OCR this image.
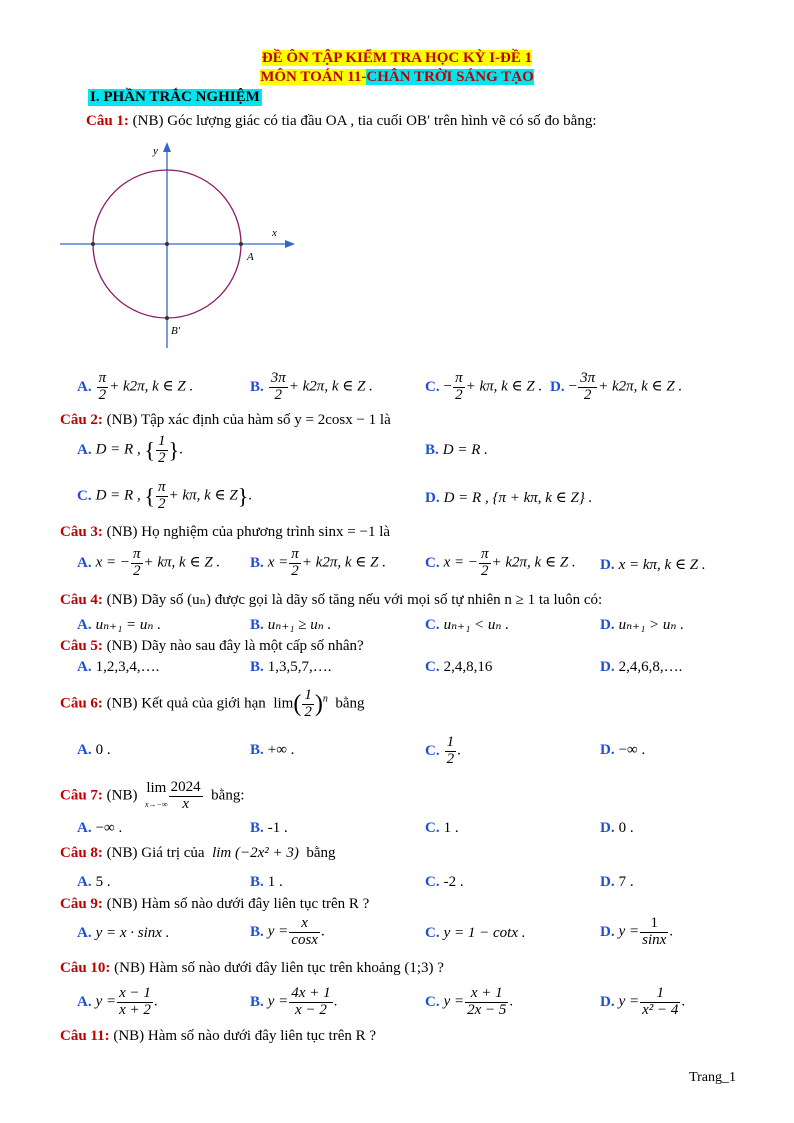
ĐỀ ÔN TẬP KIỂM TRA HỌC KỲ I-ĐỀ 1
MÔN TOÁN 11-CHÂN TRỜI SÁNG TẠO
I. PHẦN TRẮC NGHIỆM
Câu 1: (NB) Góc lượng giác có tia đầu OA , tia cuối OB′ trên hình vẽ có số đo bằng:
y
x
A
B'
A. $\frac{\pi}{2} + k2\pi$, k ∈ Z .	B. $\frac{3\pi}{2} + k2\pi$, k ∈ Z .	C. − $\frac{\pi}{2} + k\pi$, k ∈ Z . D. − $\frac{3\pi}{2} + k2\pi$, k ∈ Z .
Câu 2: (NB) Tập xác định của hàm số y = 2cosx − 1 là
A. D = R , { $\frac{1}{2}$ }.	B. D = R .
C. D = R , { $\frac{\pi}{2} + k\pi$, k ∈ Z}.	D. D = R , {π + kπ, k ∈ Z} .
Câu 3: (NB) Họ nghiệm của phương trình sinx = −1 là
A. x = − $\frac{\pi}{2} + k\pi$, k ∈ Z . B. $x = \frac{\pi}{2} + k2\pi$, k ∈ Z .	C. x = − $\frac{\pi}{2} + k2\pi$, k ∈ Z . D. x = kπ, k ∈ Z .
Câu 4: (NB) Dãy số (uₙ) được gọi là dãy số tăng nếu với mọi số tự nhiên n ≥ 1 ta luôn có:
A. uₙ₊₁ = uₙ .	B. uₙ₊₁ ≥ uₙ .	C. uₙ₊₁ < uₙ .	D. uₙ₊₁ > uₙ .
Câu 5: (NB) Dãy nào sau đây là một cấp số nhân?
A. 1,2,3,4,….	B. 1,3,5,7,….	C. 2,4,8,16	D. 2,4,6,8,….
Câu 6: (NB) Kết quả của giới hạn  $\lim( \frac{1}{2} )^n$ bằng
A. 0 .	B. +∞ .	C. $\frac{1}{2}$ .	D. −∞ .
Câu 7: (NB) lim
$x\to-\infty \frac{2024}{x}$ bằng:
A. −∞ .	B. -1 .	C. 1 .	D. 0 .
Câu 8: (NB) Giá trị của lim (−2x² + 3) bằng
A. 5 .	B. 1 .	C. -2 .	D. 7 .
Câu 9: (NB) Hàm số nào dưới đây liên tục trên R ?
A. y = x · sinx .	B. $y = \frac{x}{\cos x}$ .	C. y = 1 − cotx .	D. $y = \frac{1}{\sin x}$ .
Câu 10: (NB) Hàm số nào dưới đây liên tục trên khoảng (1;3) ?
A. $y = \frac{x - 1}{x + 2}$ .	B. $y = \frac{4x + 1}{x - 2}$ .	C. $y = \frac{x + 1}{2x - 5}$ .	D. $y = \frac{1}{\text{x² − 4}}$ .
Câu 11: (NB) Hàm số nào dưới đây liên tục trên R ?
Trang_1
